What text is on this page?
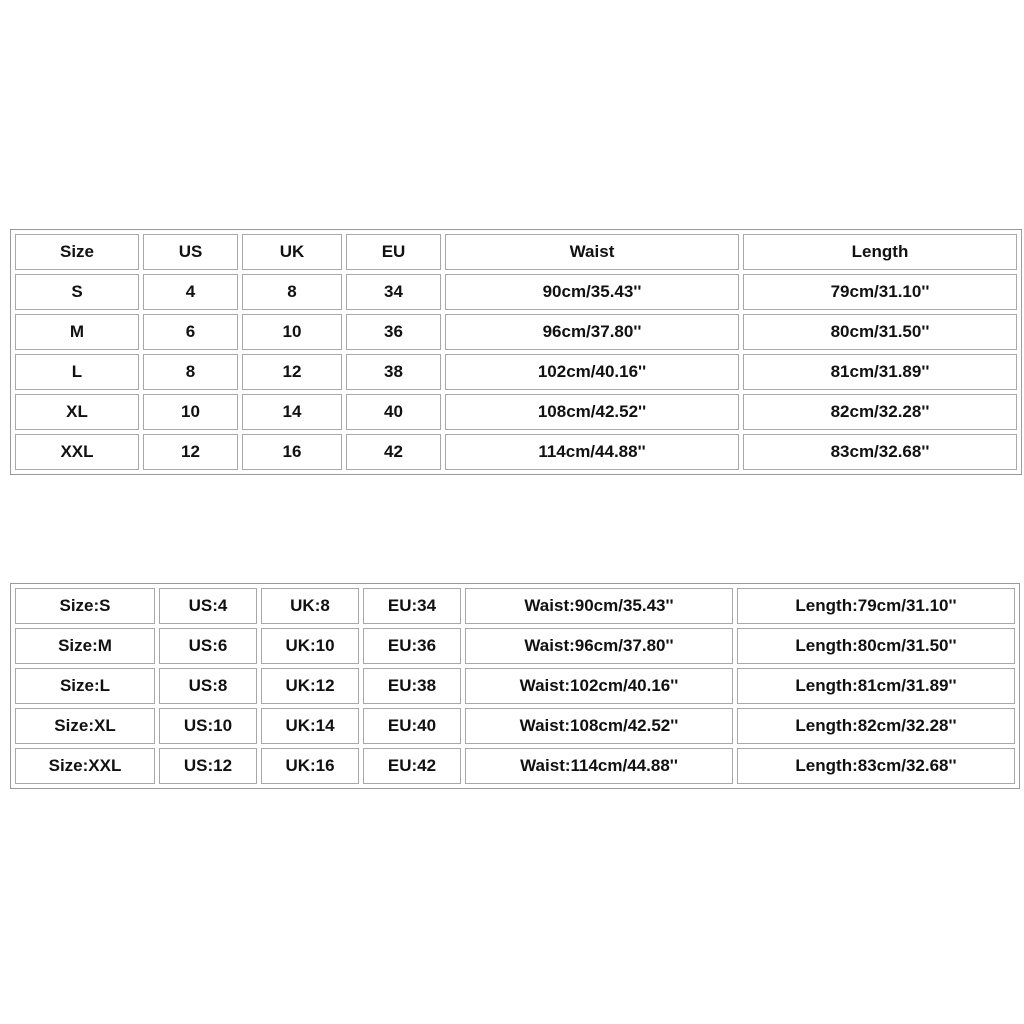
Size	US	UK	EU	Waist	Length
S	4	8	34	90cm/35.43''	79cm/31.10''
M	6	10	36	96cm/37.80''	80cm/31.50''
L	8	12	38	102cm/40.16''	81cm/31.89''
XL	10	14	40	108cm/42.52''	82cm/32.28''
XXL	12	16	42	114cm/44.88''	83cm/32.68''
Size:S	US:4	UK:8	EU:34	Waist:90cm/35.43''	Length:79cm/31.10''
Size:M	US:6	UK:10	EU:36	Waist:96cm/37.80''	Length:80cm/31.50''
Size:L	US:8	UK:12	EU:38	Waist:102cm/40.16''	Length:81cm/31.89''
Size:XL	US:10	UK:14	EU:40	Waist:108cm/42.52''	Length:82cm/32.28''
Size:XXL	US:12	UK:16	EU:42	Waist:114cm/44.88''	Length:83cm/32.68''
